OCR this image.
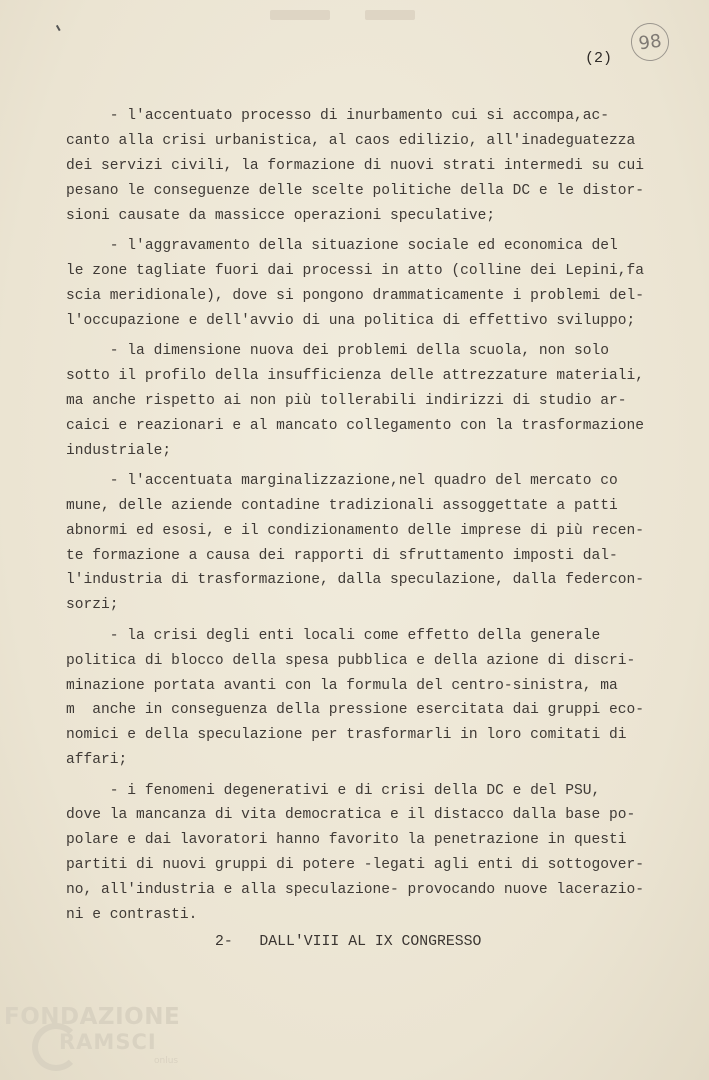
98
(2)
- l'accentuato processo di inurbamento cui si accompa,ac-
canto alla crisi urbanistica, al caos edilizio, all'inadeguatezza
dei servizi civili, la formazione di nuovi strati intermedi su cui
pesano le conseguenze delle scelte politiche della DC e le distor-
sioni causate da massicce operazioni speculative;
- l'aggravamento della situazione sociale ed economica del
le zone tagliate fuori dai processi in atto (colline dei Lepini,fa
scia meridionale), dove si pongono drammaticamente i problemi del-
l'occupazione e dell'avvio di una politica di effettivo sviluppo;
- la dimensione nuova dei problemi della scuola, non solo
sotto il profilo della insufficienza delle attrezzature materiali,
ma anche rispetto ai non più tollerabili indirizzi di studio ar-
caici e reazionari e al mancato collegamento con la trasformazione
industriale;
- l'accentuata marginalizzazione,nel quadro del mercato co
mune, delle aziende contadine tradizionali assoggettate a patti
abnormi ed esosi, e il condizionamento delle imprese di più recen-
te formazione a causa dei rapporti di sfruttamento imposti dal-
l'industria di trasformazione, dalla speculazione, dalla federcon-
sorzi;
- la crisi degli enti locali come effetto della generale
politica di blocco della spesa pubblica e della azione di discri-
minazione portata avanti con la formula del centro-sinistra, ma
m  anche in conseguenza della pressione esercitata dai gruppi eco-
nomici e della speculazione per trasformarli in loro comitati di
affari;
- i fenomeni degenerativi e di crisi della DC e del PSU,
dove la mancanza di vita democratica e il distacco dalla base po-
polare e dai lavoratori hanno favorito la penetrazione in questi
partiti di nuovi gruppi di potere -legati agli enti di sottogover-
no, all'industria e alla speculazione- provocando nuove lacerazio-
ni e contrasti.
2-   DALL'VIII AL IX CONGRESSO
FONDAZIONE
RAMSCI
onlus
